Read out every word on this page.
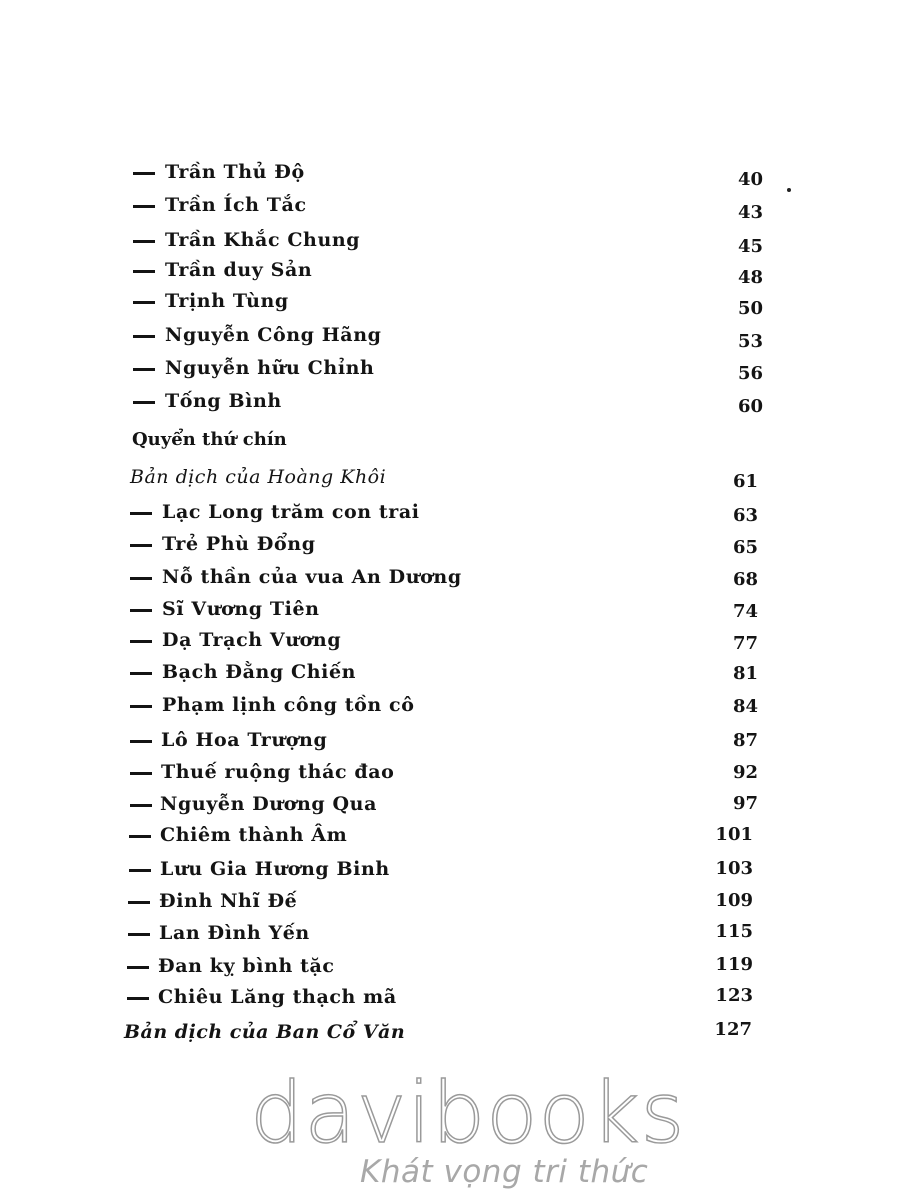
Trần Thủ Độ	40
Trần Ích Tắc	43
Trần Khắc Chung	45
Trần duy Sản	48
Trịnh Tùng	50
Nguyễn Công Hãng	53
Nguyễn hữu Chỉnh	56
Tống Bình	60
Quyển thứ chín
Bản dịch của Hoàng Khôi	61
Lạc Long trăm con trai	63
Trẻ Phù Đổng	65
Nỗ thần của vua An Dương	68
Sĩ Vương Tiên	74
Dạ Trạch Vương	77
Bạch Đằng Chiến	81
Phạm lịnh công tồn cô	84
Lô Hoa Trượng	87
Thuế ruộng thác đao	92
Nguyễn Dương Qua	97
Chiêm thành Âm	101
Lưu Gia Hương Binh	103
Đinh Nhĩ Đế	109
Lan Đình Yến	115
Đan kỵ bình tặc	119
Chiêu Lăng thạch mã	123
Bản dịch của Ban Cổ Văn	127
davibooks
Khát vọng tri thức
